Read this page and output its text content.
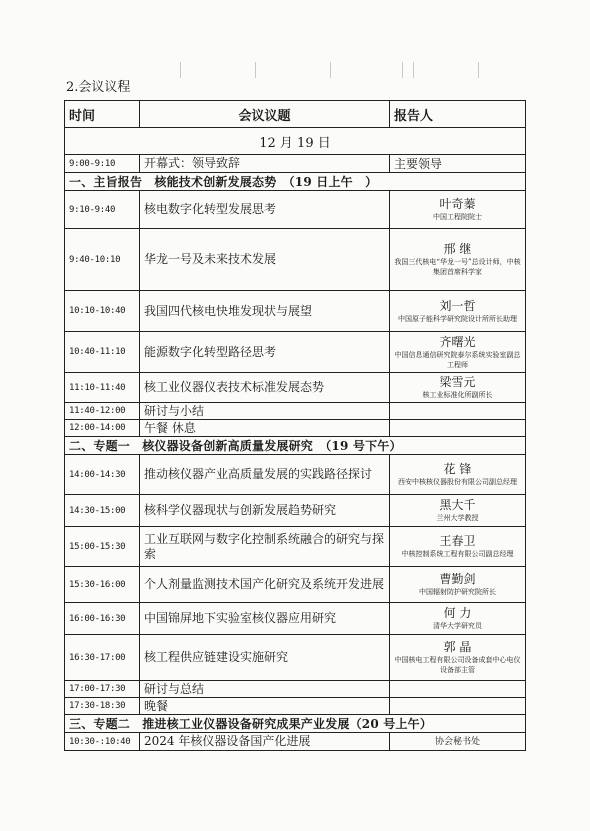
2.会议议程
时间	会议议题	报告人
12 月 19 日		
9:00-9:10	开幕式：领导致辞	主要领导
一、主旨报告　核能技术创新发展态势　（19 日上午　）		
9:10-9:40	核电数字化转型发展思考	叶奇蓁
中国工程院院士

9:40-10:10	华龙一号及未来技术发展	邢 继
我国三代核电“华龙一号”总设计师，中核集团首席科学家

10:10-10:40	我国四代核电快堆发现状与展望	刘一哲
中国原子能科学研究院设计所所长助理

10:40-11:10	能源数字化转型路径思考	齐曙光
中国信息通信研究院泰尔系统实验室副总工程师

11:10-11:40	核工业仪器仪表技术标准发展态势	梁雪元
核工业标准化所副所长

11:40-12:00	研讨与小结	
12:00-14:00	午餐 休息	
二、专题一　核仪器设备创新高质量发展研究　（19 号下午）		
14:00-14:30	推动核仪器产业高质量发展的实践路径探讨	花 锋
西安中核核仪器股份有限公司副总经理

14:30-15:00	核科学仪器现状与创新发展趋势研究	黑大千
兰州大学教授

15:00-15:30	工业互联网与数字化控制系统融合的研究与探索	王春卫
中核控制系统工程有限公司副总经理

15:30-16:00	个人剂量监测技术国产化研究及系统开发进展	曹勤剑
中国辐射防护研究院所长

16:00-16:30	中国锦屏地下实验室核仪器应用研究	何 力
清华大学研究员

16:30-17:00	核工程供应链建设实施研究	郭 晶
中国核电工程有限公司设备成套中心电仪设备部主管

17:00-17:30	研讨与总结	
17:30-18:30	晚餐	
三、专题二　推进核工业仪器设备研究成果产业发展（20 号上午）		
10:30-:10:40	2024 年核仪器设备国产化进展	协会秘书处
